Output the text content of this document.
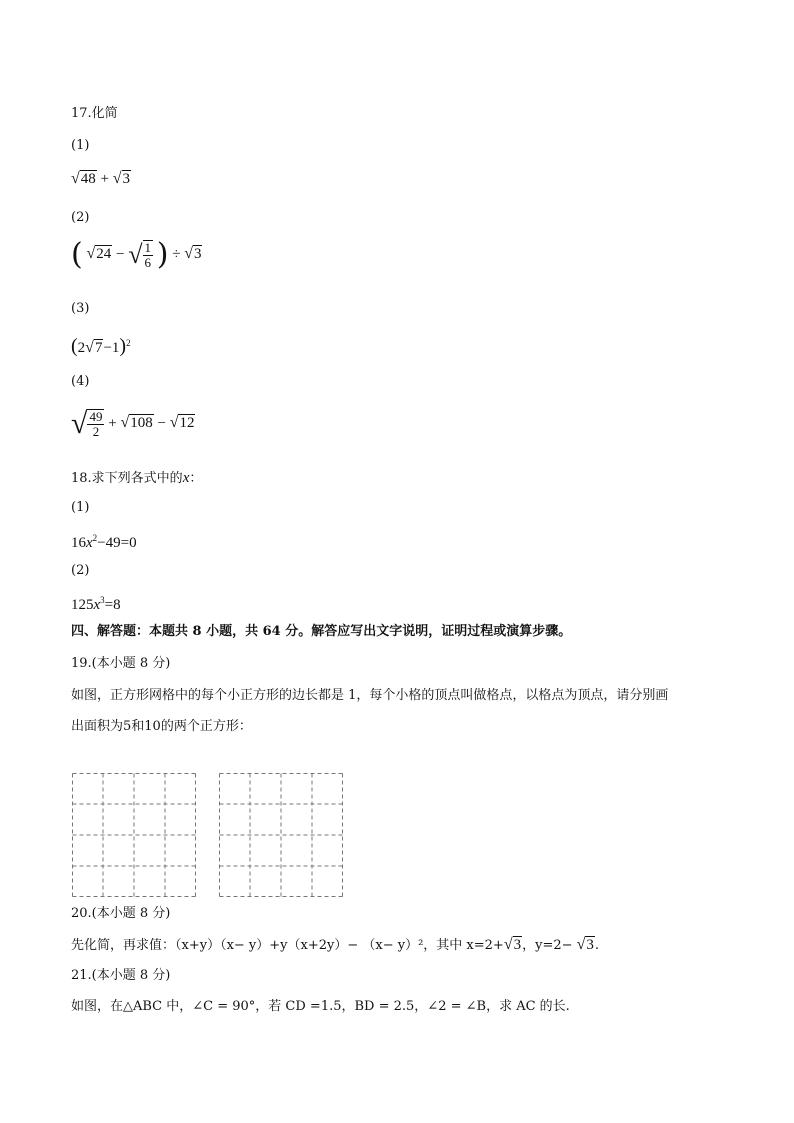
17.化简
(1)
√48 + √3
(2)
( √24 − √ $\frac{1}{6}$ ) ÷ √3
(3)
$(2√7-1)^2$
(4)
√ $\frac{49}{2} + √108 - √12$
18.求下列各式中的x：
(1)
$16x^2-49=0$
(2)
$125x^3=8$
四、解答题：本题共 8 小题，共 64 分。解答应写出文字说明，证明过程或演算步骤。
19.(本小题 8 分)
如图，正方形网格中的每个小正方形的边长都是 1，每个小格的顶点叫做格点，以格点为顶点，请分别画
出面积为5和10的两个正方形：
20.(本小题 8 分)
先化简，再求值：（x+y）（x− y）+y（x+2y）− （x− y）²，其中 x=2+√3，y=2− √3.
21.(本小题 8 分)
如图，在△ABC 中，∠C = 90°，若 CD =1.5，BD = 2.5，∠2 = ∠B，求 AC 的长.
